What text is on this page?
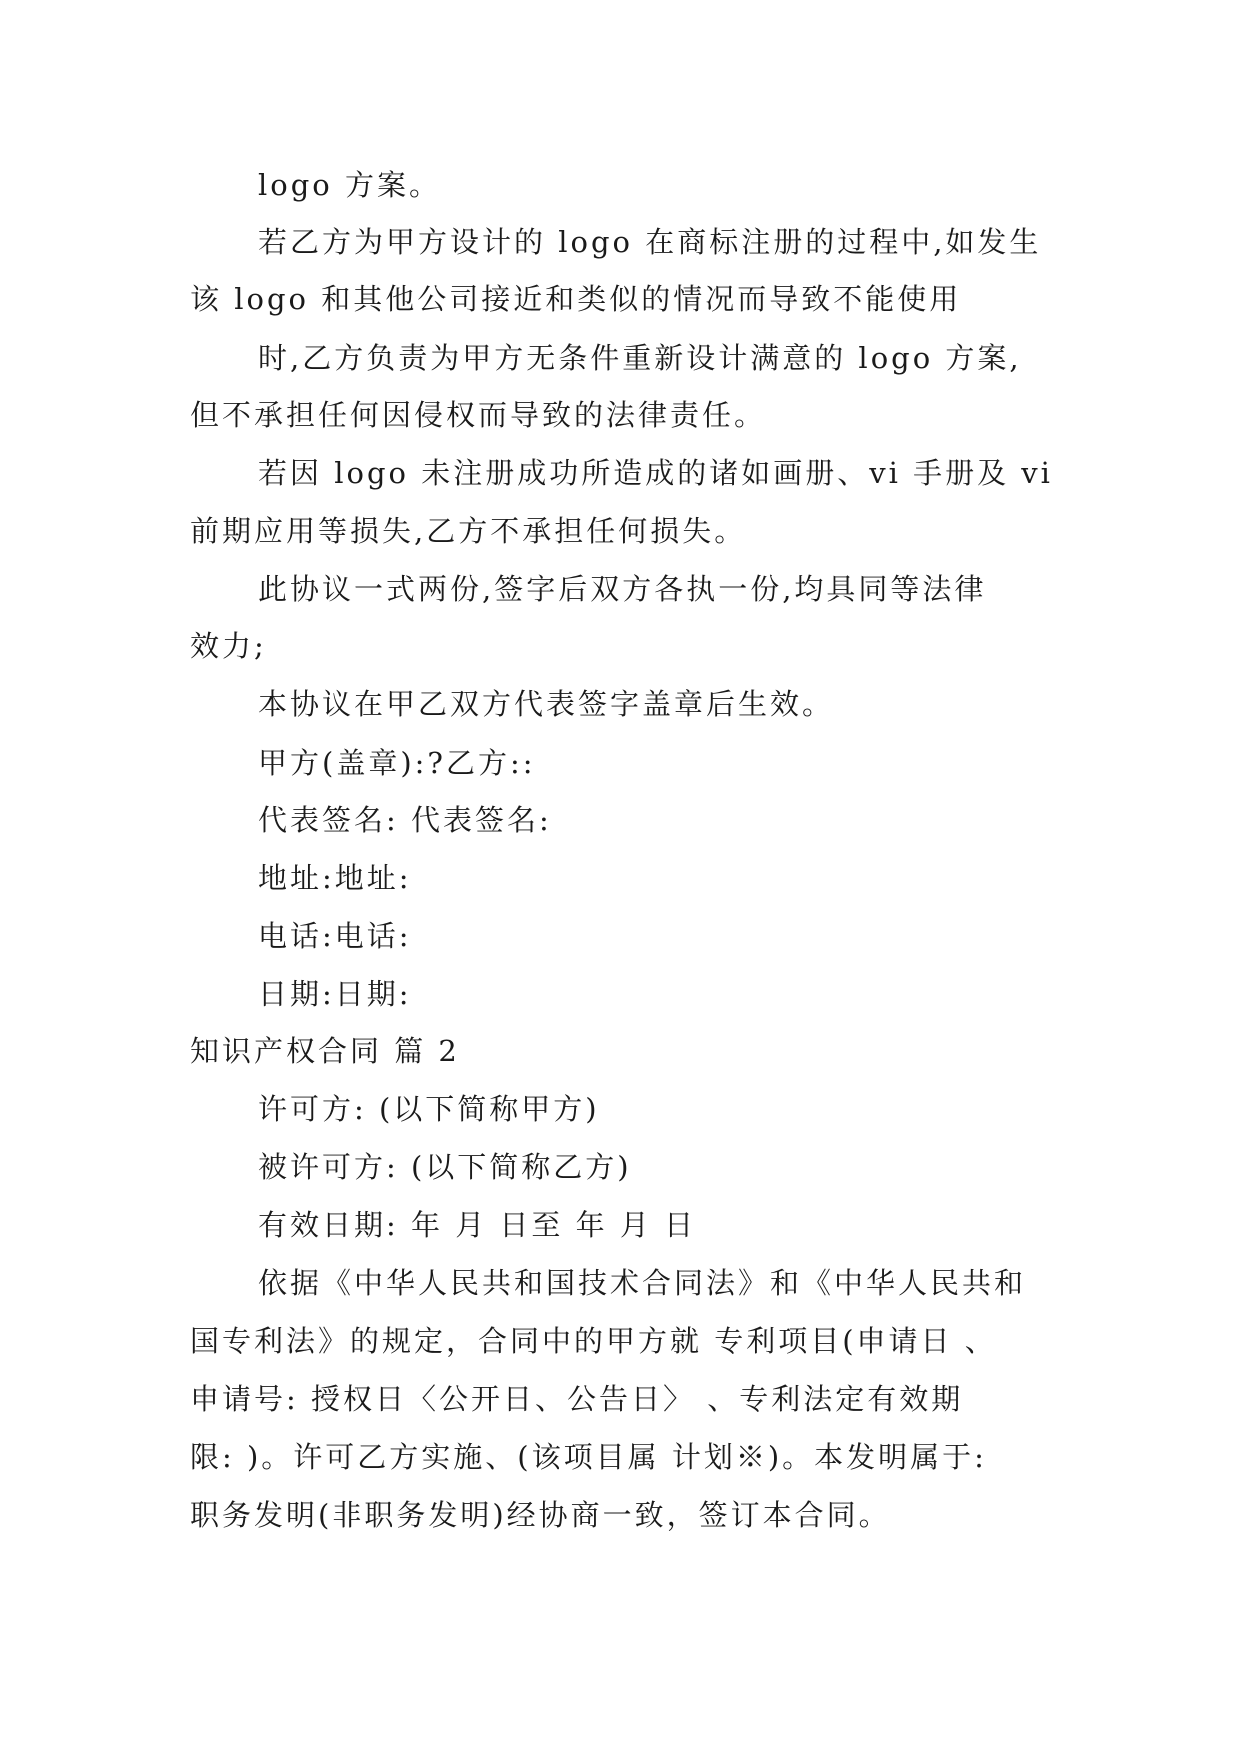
logo 方案。
若乙方为甲方设计的 logo 在商标注册的过程中,如发生
该 logo 和其他公司接近和类似的情况而导致不能使用
时,乙方负责为甲方无条件重新设计满意的 logo 方案,
但不承担任何因侵权而导致的法律责任。
若因 logo 未注册成功所造成的诸如画册、vi 手册及 vi
前期应用等损失,乙方不承担任何损失。
此协议一式两份,签字后双方各执一份,均具同等法律
效力;
本协议在甲乙双方代表签字盖章后生效。
甲方(盖章):?乙方::
代表签名: 代表签名:
地址:地址:
电话:电话:
日期:日期:
知识产权合同 篇 2
许可方: (以下简称甲方)
被许可方: (以下简称乙方)
有效日期: 年 月 日至 年 月 日
依据《中华人民共和国技术合同法》和《中华人民共和
国专利法》的规定，合同中的甲方就 专利项目(申请日 、
申请号: 授权日〈公开日、公告日〉 、专利法定有效期
限: )。许可乙方实施、(该项目属 计划※)。本发明属于:
职务发明(非职务发明)经协商一致，签订本合同。
